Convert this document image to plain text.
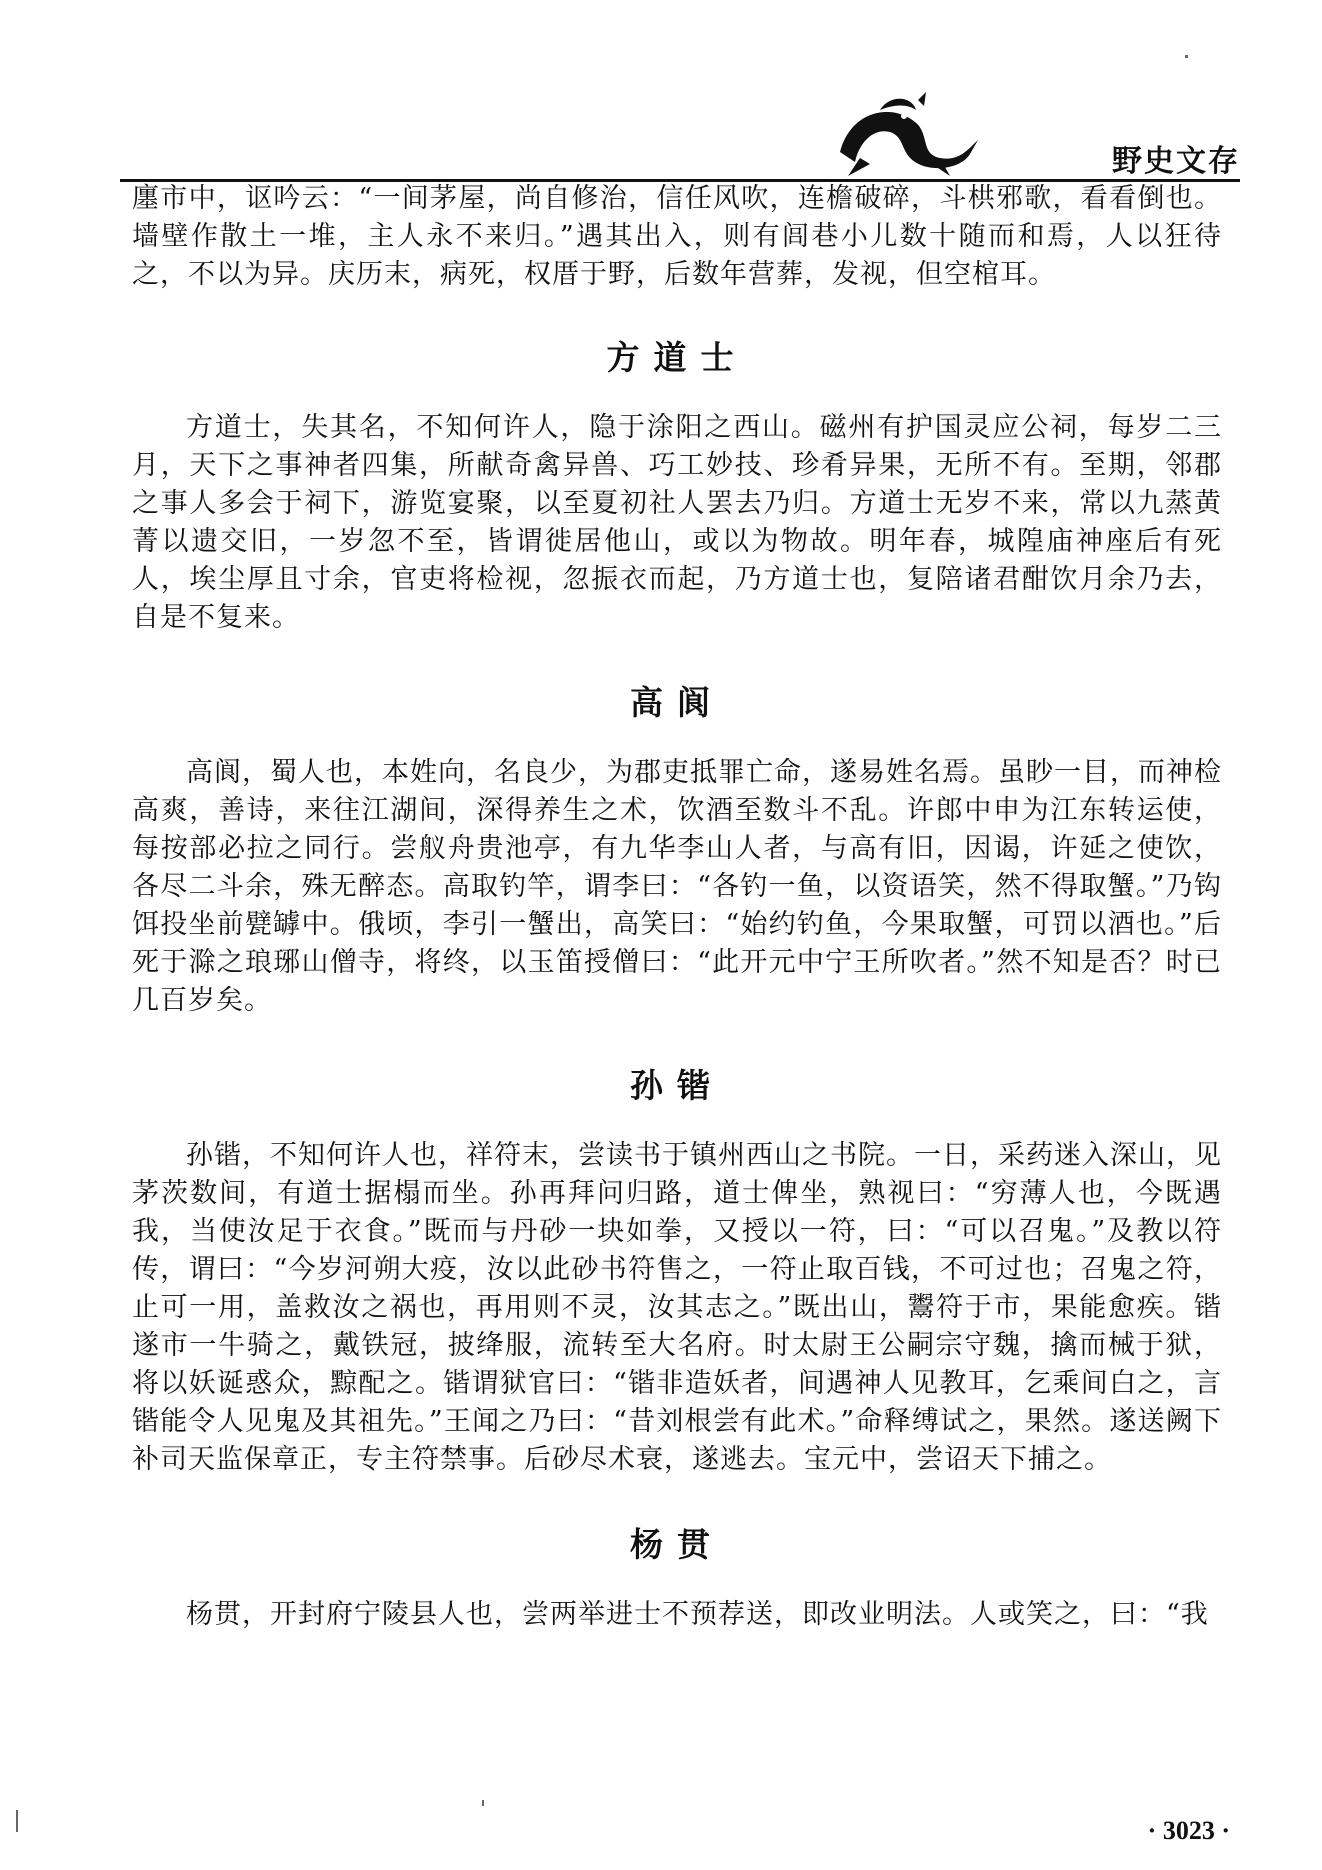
野史文存

廛市中，讴吟云：“一间茅屋，尚自修治，信任风吹，连檐破碎，斗栱邪歌，看看倒也。墙壁作散土一堆，主人永不来归。”遇其出入，则有闾巷小儿数十随而和焉，人以狂待之，不以为异。庆历末，病死，权厝于野，后数年营葬，发视，但空棺耳。

方道士

方道士，失其名，不知何许人，隐于涂阳之西山。磁州有护国灵应公祠，每岁二三月，天下之事神者四集，所献奇禽异兽、巧工妙技、珍肴异果，无所不有。至期，邻郡之事人多会于祠下，游览宴聚，以至夏初社人罢去乃归。方道士无岁不来，常以九蒸黄菁以遗交旧，一岁忽不至，皆谓徙居他山，或以为物故。明年春，城隍庙神座后有死人，埃尘厚且寸余，官吏将检视，忽振衣而起，乃方道士也，复陪诸君酣饮月余乃去，自是不复来。

高阆

高阆，蜀人也，本姓向，名良少，为郡吏抵罪亡命，遂易姓名焉。虽眇一目，而神检高爽，善诗，来往江湖间，深得养生之术，饮酒至数斗不乱。许郎中申为江东转运使，每按部必拉之同行。尝舣舟贵池亭，有九华李山人者，与高有旧，因谒，许延之使饮，各尽二斗余，殊无醉态。高取钓竿，谓李曰：“各钓一鱼，以资语笑，然不得取蟹。”乃钩饵投坐前甓罅中。俄顷，李引一蟹出，高笑曰：“始约钓鱼，今果取蟹，可罚以酒也。”后死于滁之琅琊山僧寺，将终，以玉笛授僧曰：“此开元中宁王所吹者。”然不知是否？时已几百岁矣。

孙锴

孙锴，不知何许人也，祥符末，尝读书于镇州西山之书院。一日，采药迷入深山，见茅茨数间，有道士据榻而坐。孙再拜问归路，道士俾坐，熟视曰：“穷薄人也，今既遇我，当使汝足于衣食。”既而与丹砂一块如拳，又授以一符，曰：“可以召鬼。”及教以符传，谓曰：“今岁河朔大疫，汝以此砂书符售之，一符止取百钱，不可过也；召鬼之符，止可一用，盖救汝之祸也，再用则不灵，汝其志之。”既出山，鬻符于市，果能愈疾。锴遂市一牛骑之，戴铁冠，披绛服，流转至大名府。时太尉王公嗣宗守魏，擒而械于狱，将以妖诞惑众，黥配之。锴谓狱官曰：“锴非造妖者，间遇神人见教耳，乞乘间白之，言锴能令人见鬼及其祖先。”王闻之乃曰：“昔刘根尝有此术。”命释缚试之，果然。遂送阙下补司天监保章正，专主符禁事。后砂尽术衰，遂逃去。宝元中，尝诏天下捕之。

杨贯

杨贯，开封府宁陵县人也，尝两举进士不预荐送，即改业明法。人或笑之，曰：“我

· 3023 ·
